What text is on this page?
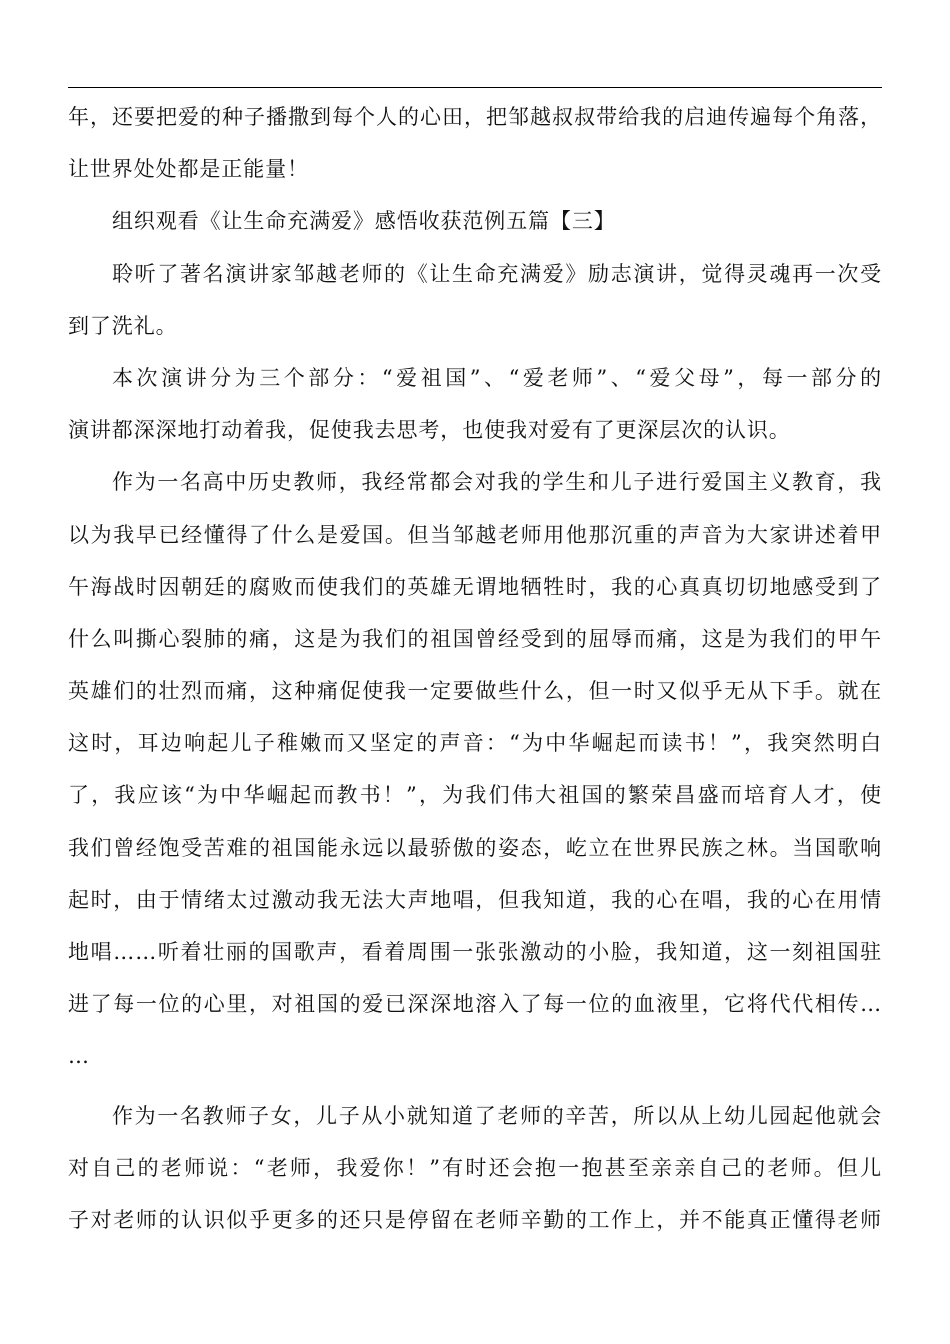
年，还要把爱的种子播撒到每个人的心田，把邹越叔叔带给我的启迪传遍每个角落，
让世界处处都是正能量！
组织观看《让生命充满爱》感悟收获范例五篇【三】
聆听了著名演讲家邹越老师的《让生命充满爱》励志演讲，觉得灵魂再一次受
到了洗礼。
本次演讲分为三个部分：“爱祖国”、“爱老师”、“爱父母”，每一部分的
演讲都深深地打动着我，促使我去思考，也使我对爱有了更深层次的认识。
作为一名高中历史教师，我经常都会对我的学生和儿子进行爱国主义教育，我
以为我早已经懂得了什么是爱国。但当邹越老师用他那沉重的声音为大家讲述着甲
午海战时因朝廷的腐败而使我们的英雄无谓地牺牲时，我的心真真切切地感受到了
什么叫撕心裂肺的痛，这是为我们的祖国曾经受到的屈辱而痛，这是为我们的甲午
英雄们的壮烈而痛，这种痛促使我一定要做些什么，但一时又似乎无从下手。就在
这时，耳边响起儿子稚嫩而又坚定的声音：“为中华崛起而读书！”，我突然明白
了，我应该“为中华崛起而教书！”，为我们伟大祖国的繁荣昌盛而培育人才，使
我们曾经饱受苦难的祖国能永远以最骄傲的姿态，屹立在世界民族之林。当国歌响
起时，由于情绪太过激动我无法大声地唱，但我知道，我的心在唱，我的心在用情
地唱……听着壮丽的国歌声，看着周围一张张激动的小脸，我知道，这一刻祖国驻
进了每一位的心里，对祖国的爱已深深地溶入了每一位的血液里，它将代代相传…
…
作为一名教师子女，儿子从小就知道了老师的辛苦，所以从上幼儿园起他就会
对自己的老师说：“老师，我爱你！”有时还会抱一抱甚至亲亲自己的老师。但儿
子对老师的认识似乎更多的还只是停留在老师辛勤的工作上，并不能真正懂得老师
